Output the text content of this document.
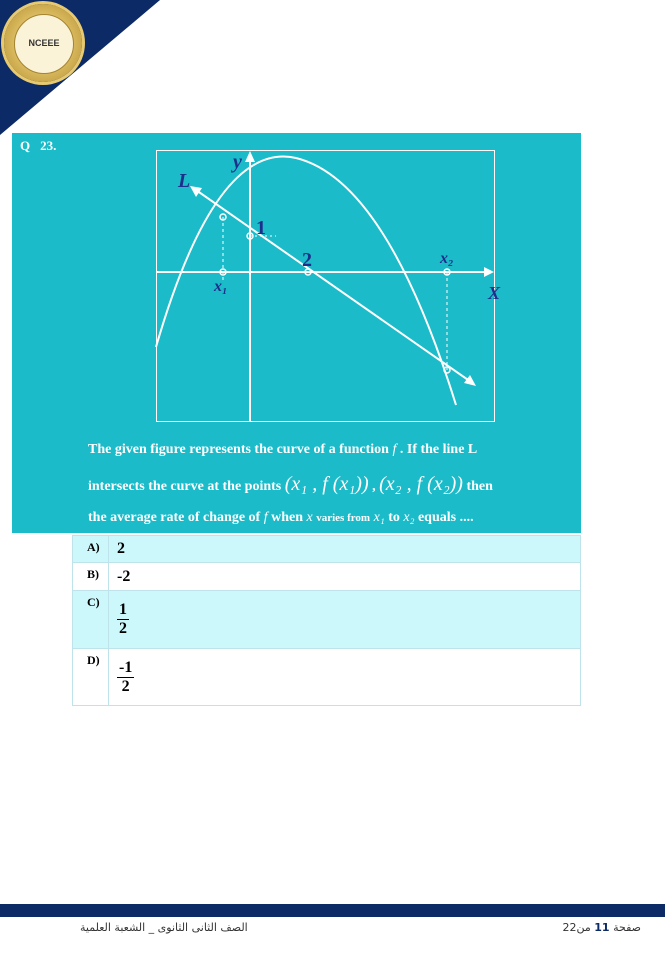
NCEEE
Q 23.
L
y
X
1
2
x₁
x₂
The given figure represents the curve of a function f . If the line L
intersects the curve at the points (x₁ , f (x₁)) , (x₂ , f (x₂)) then
the average rate of change of f when x varies from x₁ to x₂ equals ....
A)	2
B)	-2
C)	$\frac{1}{2}$
D)	$\frac{-1}{2}$
الصف الثانى الثانوى _ الشعبة العلمية	صفحة 11 من22
